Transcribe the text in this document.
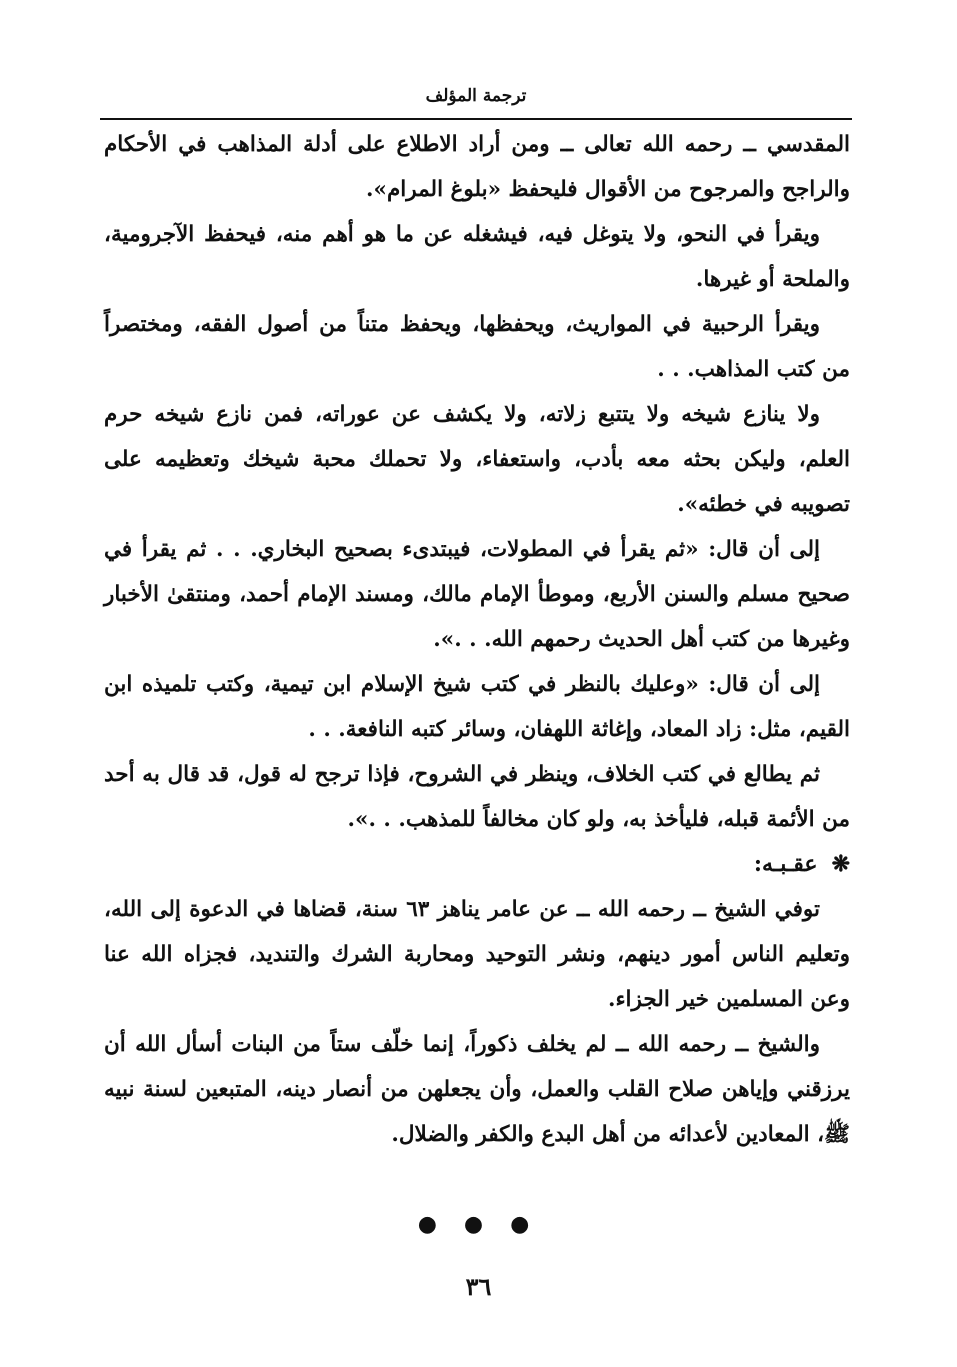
ترجمة المؤلف

المقدسي ــ رحمه الله تعالى ــ ومن أراد الاطلاع على أدلة المذاهب في الأحكام والراجح والمرجوح من الأقوال فليحفظ «بلوغ المرام».

ويقرأ في النحو، ولا يتوغل فيه، فيشغله عن ما هو أهم منه، فيحفظ الآجرومية، والملحة أو غيرها.

ويقرأ الرحبية في المواريث، ويحفظها، ويحفظ متناً من أصول الفقه، ومختصراً من كتب المذاهب. . .

ولا ينازع شيخه ولا يتتبع زلاته، ولا يكشف عن عوراته، فمن نازع شيخه حرم العلم، وليكن بحثه معه بأدب، واستعفاء، ولا تحملك محبة شيخك وتعظيمه على تصويبه في خطئه».

إلى أن قال: «ثم يقرأ في المطولات، فيبتدىء بصحيح البخاري. . . ثم يقرأ في صحيح مسلم والسنن الأربع، وموطأ الإمام مالك، ومسند الإمام أحمد، ومنتقىٰ الأخبار وغيرها من كتب أهل الحديث رحمهم الله. . .».

إلى أن قال: «وعليك بالنظر في كتب شيخ الإسلام ابن تيمية، وكتب تلميذه ابن القيم، مثل: زاد المعاد، وإغاثة اللهفان، وسائر كتبه النافعة. . .

ثم يطالع في كتب الخلاف، وينظر في الشروح، فإذا ترجح له قول، قد قال به أحد من الأئمة قبله، فليأخذ به، ولو كان مخالفاً للمذهب. . .».

❋عقـبـه:

توفي الشيخ ــ رحمه الله ــ عن عامر يناهز ٦٣ سنة، قضاها في الدعوة إلى الله، وتعليم الناس أمور دينهم، ونشر التوحيد ومحاربة الشرك والتنديد، فجزاه الله عنا وعن المسلمين خير الجزاء.

والشيخ ــ رحمه الله ــ لم يخلف ذكوراً، إنما خلّف ستاً من البنات أسأل الله أن يرزقني وإياهن صلاح القلب والعمل، وأن يجعلهن من أنصار دينه، المتبعين لسنة نبيه ﷺ، المعادين لأعدائه من أهل البدع والكفر والضلال.

● ● ●
٣٦
